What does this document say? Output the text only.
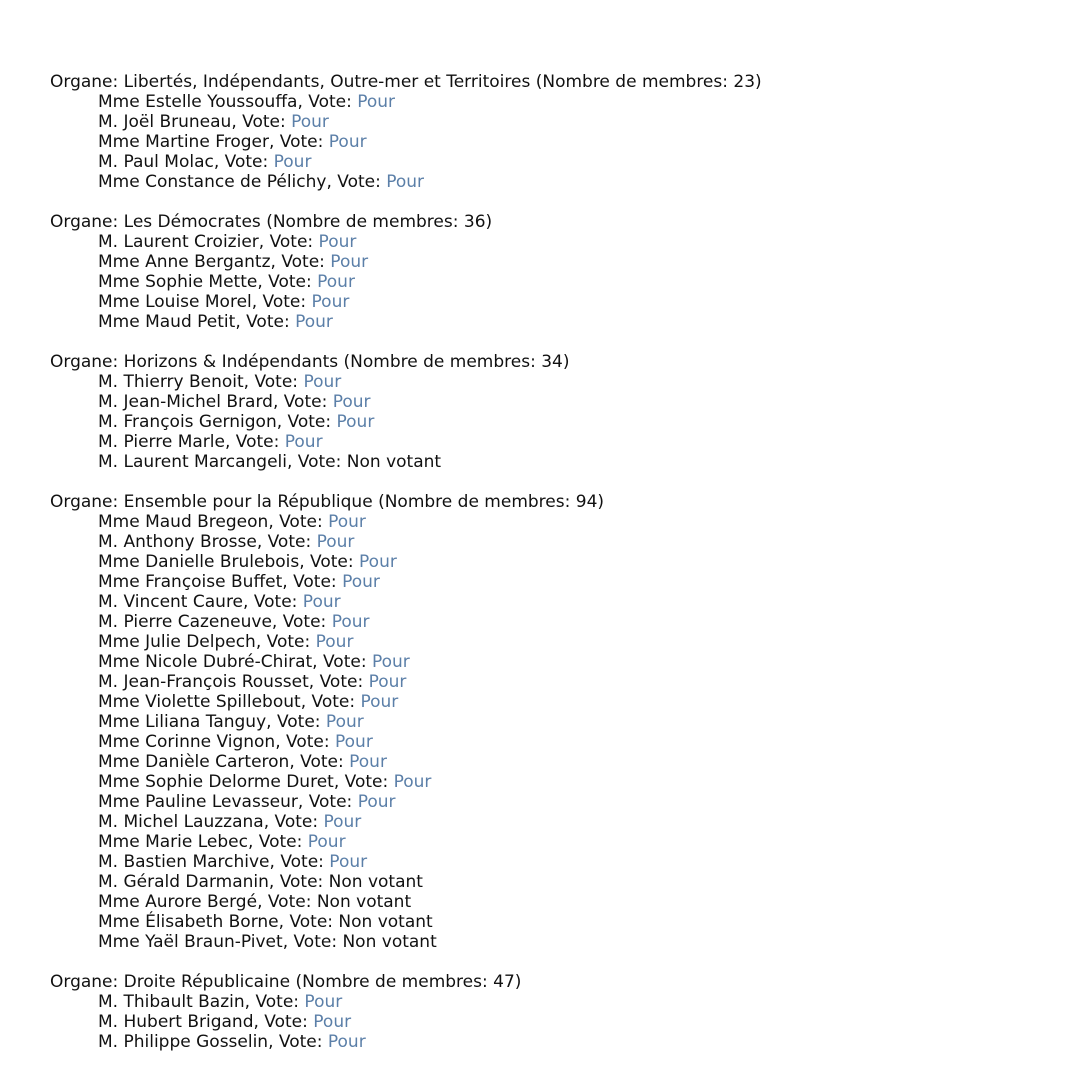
Organe: Libertés, Indépendants, Outre-mer et Territoires (Nombre de membres: 23)
Mme Estelle Youssouffa, Vote: Pour
M. Joël Bruneau, Vote: Pour
Mme Martine Froger, Vote: Pour
M. Paul Molac, Vote: Pour
Mme Constance de Pélichy, Vote: Pour
Organe: Les Démocrates (Nombre de membres: 36)
M. Laurent Croizier, Vote: Pour
Mme Anne Bergantz, Vote: Pour
Mme Sophie Mette, Vote: Pour
Mme Louise Morel, Vote: Pour
Mme Maud Petit, Vote: Pour
Organe: Horizons & Indépendants (Nombre de membres: 34)
M. Thierry Benoit, Vote: Pour
M. Jean-Michel Brard, Vote: Pour
M. François Gernigon, Vote: Pour
M. Pierre Marle, Vote: Pour
M. Laurent Marcangeli, Vote: Non votant
Organe: Ensemble pour la République (Nombre de membres: 94)
Mme Maud Bregeon, Vote: Pour
M. Anthony Brosse, Vote: Pour
Mme Danielle Brulebois, Vote: Pour
Mme Françoise Buffet, Vote: Pour
M. Vincent Caure, Vote: Pour
M. Pierre Cazeneuve, Vote: Pour
Mme Julie Delpech, Vote: Pour
Mme Nicole Dubré-Chirat, Vote: Pour
M. Jean-François Rousset, Vote: Pour
Mme Violette Spillebout, Vote: Pour
Mme Liliana Tanguy, Vote: Pour
Mme Corinne Vignon, Vote: Pour
Mme Danièle Carteron, Vote: Pour
Mme Sophie Delorme Duret, Vote: Pour
Mme Pauline Levasseur, Vote: Pour
M. Michel Lauzzana, Vote: Pour
Mme Marie Lebec, Vote: Pour
M. Bastien Marchive, Vote: Pour
M. Gérald Darmanin, Vote: Non votant
Mme Aurore Bergé, Vote: Non votant
Mme Élisabeth Borne, Vote: Non votant
Mme Yaël Braun-Pivet, Vote: Non votant
Organe: Droite Républicaine (Nombre de membres: 47)
M. Thibault Bazin, Vote: Pour
M. Hubert Brigand, Vote: Pour
M. Philippe Gosselin, Vote: Pour
